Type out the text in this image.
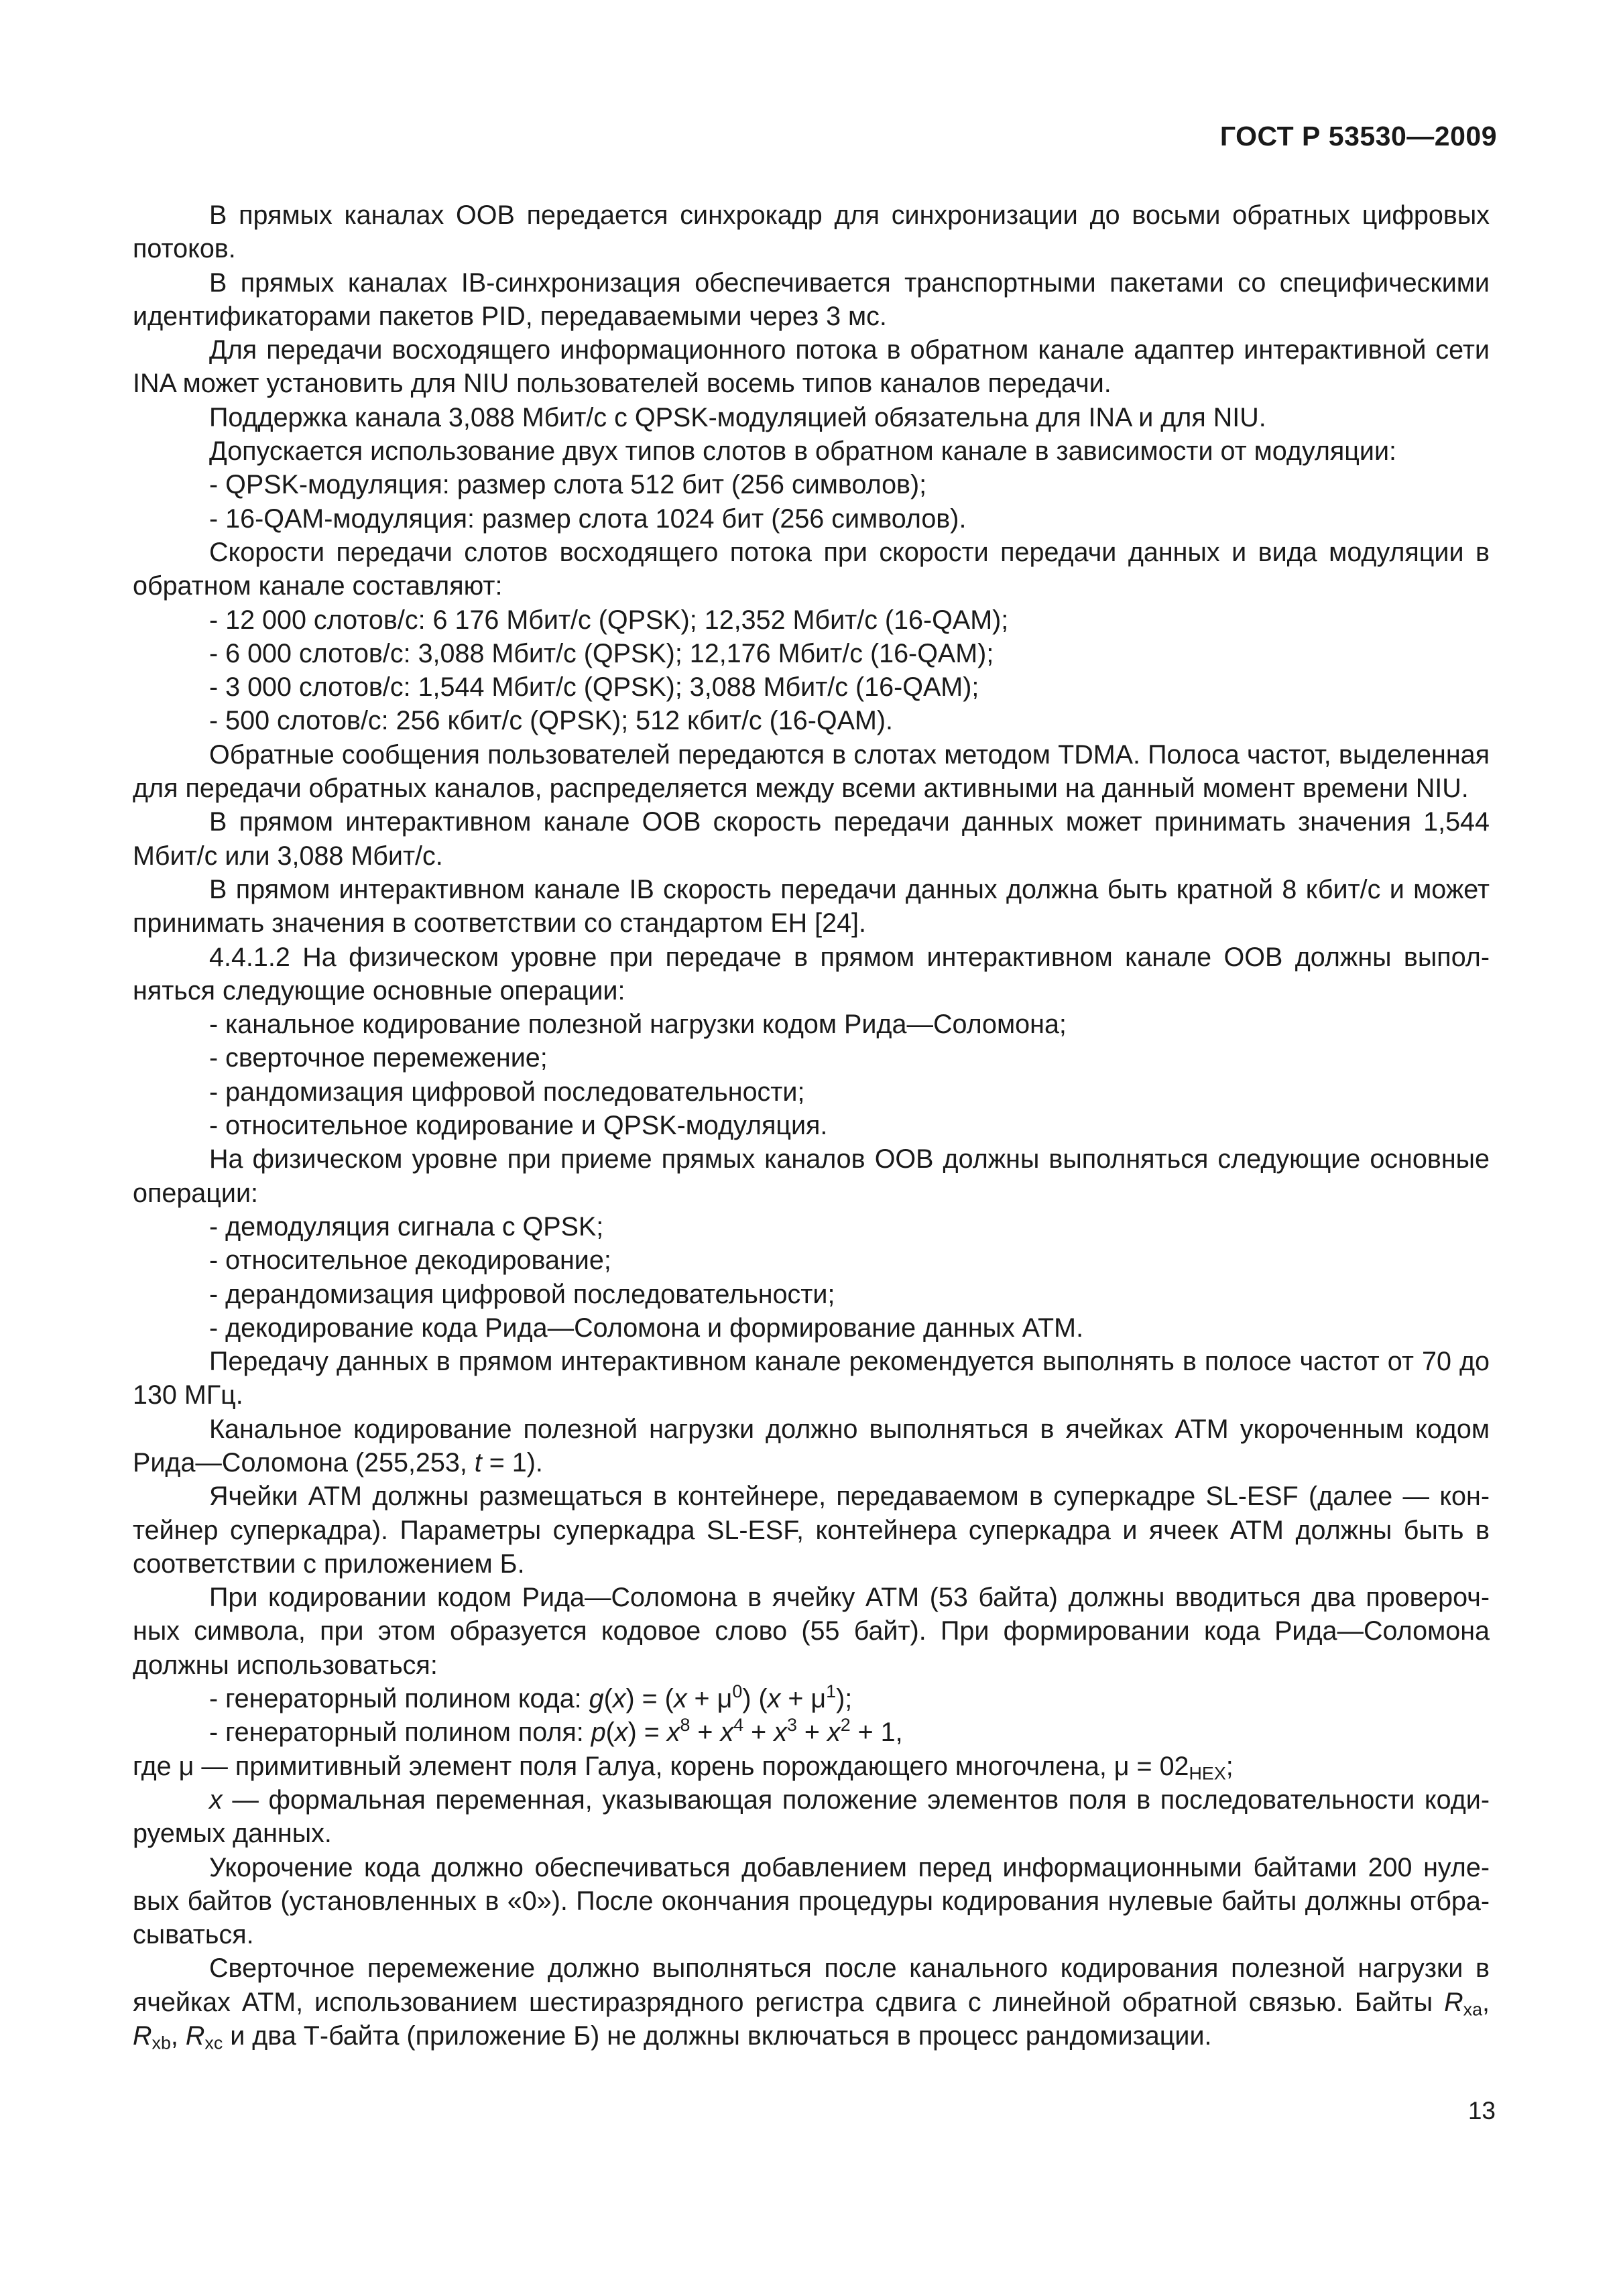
ГОСТ Р 53530—2009

В прямых каналах ООВ передается синхрокадр для синхронизации до восьми обратных цифровых потоков.

В прямых каналах IB-синхронизация обеспечивается транспортными пакетами со специфическими идентификаторами пакетов PID, передаваемыми через 3 мс.

Для передачи восходящего информационного потока в обратном канале адаптер интерактивной сети INA может установить для NIU пользователей восемь типов каналов передачи.

Поддержка канала 3,088 Мбит/с с QPSK-модуляцией обязательна для INA и для NIU.

Допускается использование двух типов слотов в обратном канале в зависимости от модуляции:

- QPSK-модуляция: размер слота 512 бит (256 символов);

- 16-QAM-модуляция: размер слота 1024 бит (256 символов).

Скорости передачи слотов восходящего потока при скорости передачи данных и вида модуляции в обратном канале составляют:

- 12 000 слотов/с: 6 176 Мбит/с (QPSK); 12,352 Мбит/с (16-QAM);

- 6 000 слотов/с: 3,088 Мбит/с (QPSK); 12,176 Мбит/с (16-QAM);

- 3 000 слотов/с: 1,544 Мбит/с (QPSK); 3,088 Мбит/с (16-QAM);

- 500 слотов/с: 256 кбит/с (QPSK); 512 кбит/с (16-QAM).

Обратные сообщения пользователей передаются в слотах методом TDMA. Полоса частот, выделенная для передачи обратных каналов, распределяется между всеми активными на данный момент времени NIU.

В прямом интерактивном канале ООВ скорость передачи данных может принимать значения 1,544 Мбит/с или 3,088 Мбит/с.

В прямом интерактивном канале IB скорость передачи данных должна быть кратной 8 кбит/с и может принимать значения в соответствии со стандартом ЕН [24].

4.4.1.2 На физическом уровне при передаче в прямом интерактивном канале ООВ должны выполняться следующие основные операции:

- канальное кодирование полезной нагрузки кодом Рида—Соломона;

- сверточное перемежение;

- рандомизация цифровой последовательности;

- относительное кодирование и QPSK-модуляция.

На физическом уровне при приеме прямых каналов ООВ должны выполняться следующие основные операции:

- демодуляция сигнала с QPSK;

- относительное декодирование;

- дерандомизация цифровой последовательности;

- декодирование кода Рида—Соломона и формирование данных АТМ.

Передачу данных в прямом интерактивном канале рекомендуется выполнять в полосе частот от 70 до 130 МГц.

Канальное кодирование полезной нагрузки должно выполняться в ячейках АТМ укороченным кодом Рида—Соломона (255,253, t = 1).

Ячейки АТМ должны размещаться в контейнере, передаваемом в суперкадре SL-ESF (далее — контейнер суперкадра). Параметры суперкадра SL-ESF, контейнера суперкадра и ячеек АТМ должны быть в соответствии с приложением Б.

При кодировании кодом Рида—Соломона в ячейку АТМ (53 байта) должны вводиться два проверочных символа, при этом образуется кодовое слово (55 байт). При формировании кода Рида—Соломона должны использоваться:

- генераторный полином кода: $g(x) = (x + \mu^0)$ $(x + \mu^1)$;

- генераторный полином поля: $p(x) = x^8 + x^4 + x^3 + x^2 + 1$,

где μ — примитивный элемент поля Галуа, корень порождающего многочлена, $\mu = 02_{HEX}$;

x — формальная переменная, указывающая положение элементов поля в последовательности кодируемых данных.

Укорочение кода должно обеспечиваться добавлением перед информационными байтами 200 нулевых байтов (установленных в «0»). После окончания процедуры кодирования нулевые байты должны отбрасываться.

Сверточное перемежение должно выполняться после канального кодирования полезной нагрузки в ячейках АТМ, использованием шестиразрядного регистра сдвига с линейной обратной связью. Байты $R_{xa}$, $R_{xb}$, $R_{xc}$ и два Т-байта (приложение Б) не должны включаться в процесс рандомизации.

13
